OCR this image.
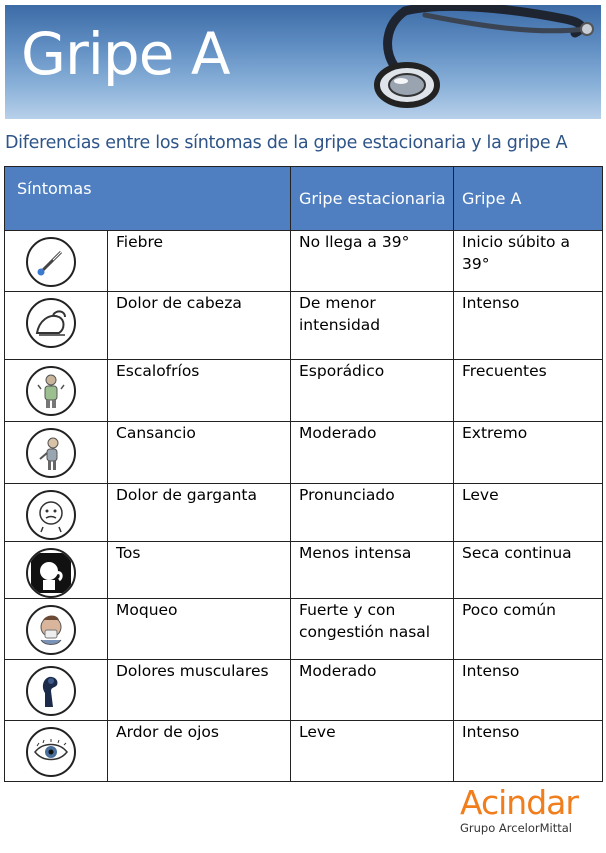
Gripe A
Diferencias entre los síntomas de la gripe estacionaria y la gripe A
Síntomas		Gripe estacionaria	Gripe A

	Fiebre	No llega a 39°	Inicio súbito a 39°

	Dolor de cabeza	De menor intensidad	Intenso

	Escalofríos	Esporádico	Frecuentes

	Cansancio	Moderado	Extremo

	Dolor de garganta	Pronunciado	Leve

	Tos	Menos intensa	Seca continua

	Moqueo	Fuerte y con congestión nasal	Poco común

	Dolores musculares	Moderado	Intenso

	Ardor de ojos	Leve	Intenso
Acindar
Grupo ArcelorMittal
